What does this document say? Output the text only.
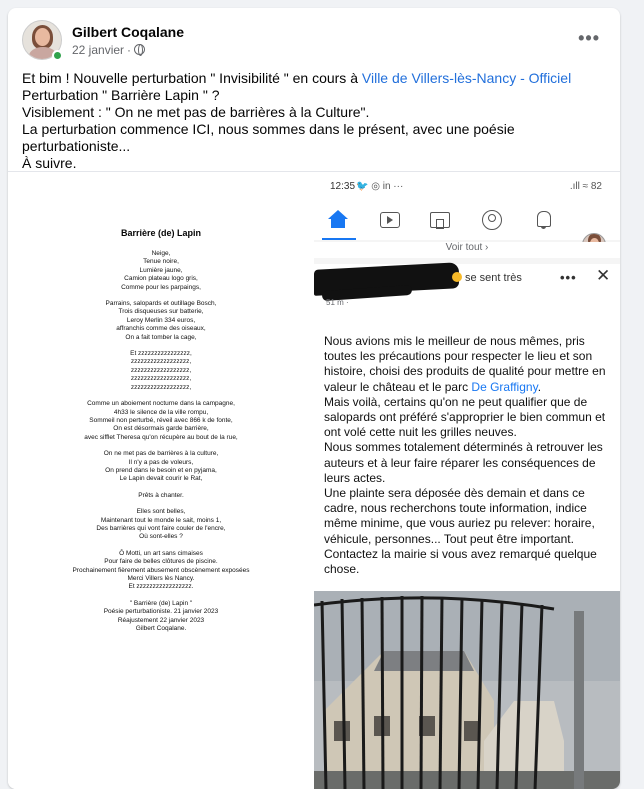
Gilbert Coqalane
22 janvier ·
•••
Et bim ! Nouvelle perturbation " Invisibilité " en cours à Ville de Villers-lès-Nancy - Officiel
Perturbation " Barrière Lapin " ?
Visiblement : " On ne met pas de barrières à la Culture".
La perturbation commence ICI, nous sommes dans le présent, avec une poésie perturbationiste...
À suivre.
Barrière (de) Lapin
Neige,
Tenue noire,
Lumière jaune,
Camion plateau logo gris,
Comme pour les parpaings,
Parrains, salopards et outillage Bosch,
Trois disqueuses sur batterie,
Leroy Merlin 334 euros,
affranchis comme des oiseaux,
On a fait tomber la cage,
Et zzzzzzzzzzzzzzzz,
zzzzzzzzzzzzzzzzzz,
zzzzzzzzzzzzzzzzzz,
zzzzzzzzzzzzzzzzzz,
zzzzzzzzzzzzzzzzzz,
Comme un aboiement nocturne dans la campagne,
4h33 le silence de la ville rompu,
Sommeil non perturbé, réveil avec 866 k de fonte,
On est désormais garde barrière,
avec sifflet Theresa qu'on récupère au bout de la rue,
On ne met pas de barrières à la culture,
Il n'y a pas de voleurs,
On prend dans le besoin et en pyjama,
Le Lapin devait courir le Rat,
Prêts à chanter.
Elles sont belles,
Maintenant tout le monde le sait, moins 1,
Des barrières qui vont faire couler de l'encre,
Où sont-elles ?
Ô Motti, un art sans cimaises
Pour faire de belles clôtures de piscine.
Prochainement fièrement abusement obscènement exposées
Merci Villers lès Nancy.
Et zzzzzzzzzzzzzzzzz.
" Barrière (de) Lapin "
Poésie perturbationiste. 21 janvier 2023
Réajustement 22 janvier 2023
Gilbert Coqalane.
12:35 🐦 ◎ in ···	.ıll ≈ 82
Voir tout ›
se sent très	••• ✕
51 m ·
Nous avions mis le meilleur de nous mêmes, pris toutes les précautions pour respecter le lieu et son histoire, choisi des produits de qualité pour mettre en valeur le château et le parc De Graffigny.
Mais voilà, certains qu'on ne peut qualifier que de salopards ont préféré s'approprier le bien commun et ont volé cette nuit les grilles neuves.
Nous sommes totalement déterminés à retrouver les auteurs et à leur faire réparer les conséquences de leurs actes.
Une plainte sera déposée dès demain et dans ce cadre, nous recherchons toute information, indice même minime, que vous auriez pu relever: horaire, véhicule, personnes... Tout peut être important. Contactez la mairie si vous avez remarqué quelque chose.
